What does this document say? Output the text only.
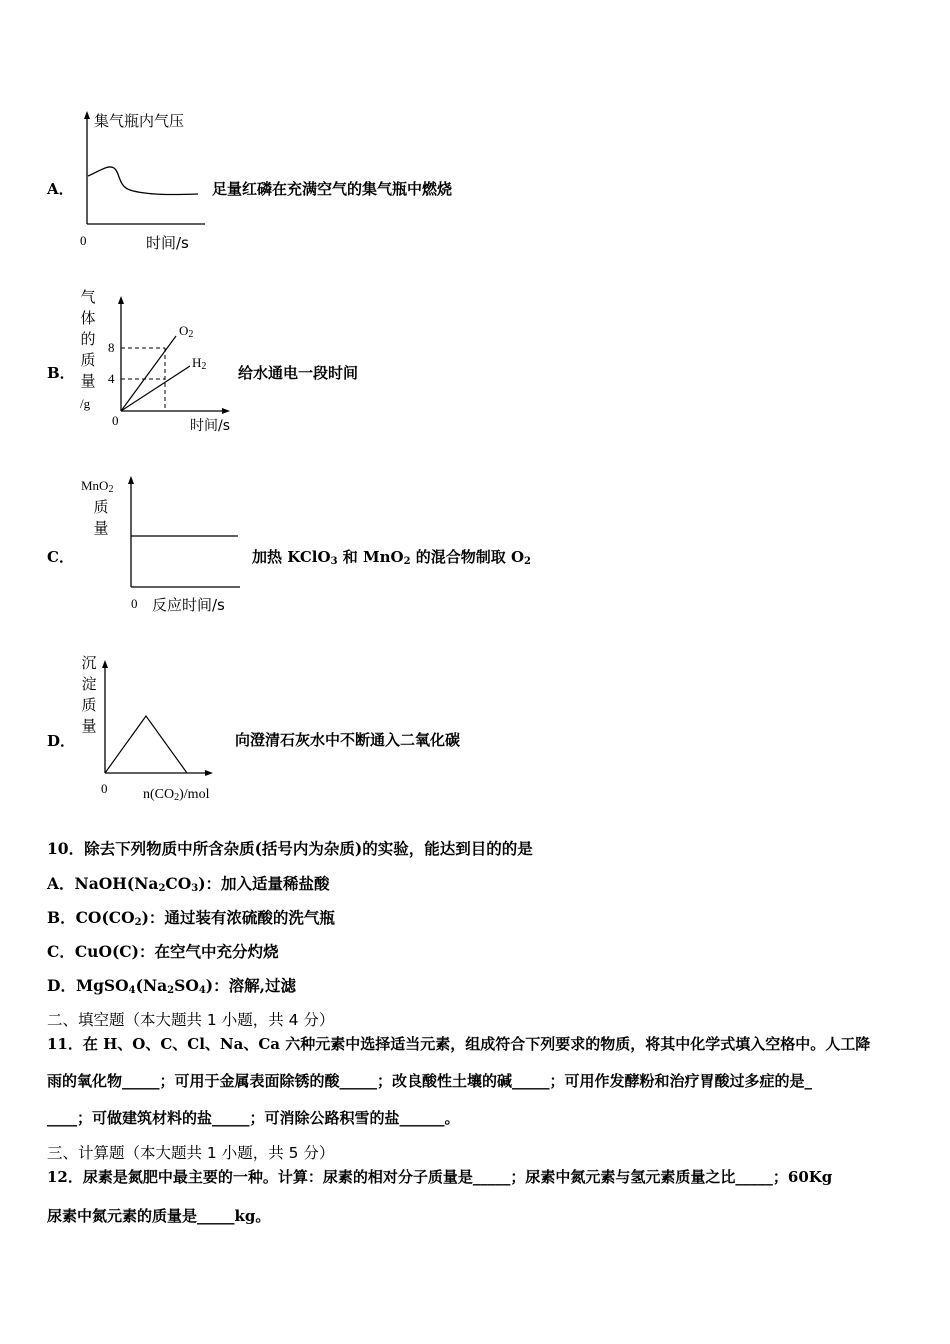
A．
集气瓶内气压
0	时间/s
足量红磷在充满空气的集气瓶中燃烧
B．
气
体
的
质
量
/g
8
4
0	时间/s
$O_2$
$H_2$ 给水通电一段时间
C．
MnO$_2$
质
量
0 反应时间/s
加热 KClO$_3$ 和 MnO$_2$ 的混合物制取 $O_2$
D．
沉
淀
质
量
0	$n(CO_2)$/mol
向澄清石灰水中不断通入二氧化碳
10．除去下列物质中所含杂质(括号内为杂质)的实验，能达到目的的是
A．$NaOH(Na_2CO_3)$：加入适量稀盐酸
B．$CO(CO_2)$：通过装有浓硫酸的洗气瓶
C．CuO(C)：在空气中充分灼烧
D．$MgSO_4(Na_2SO_4)$：溶解,过滤
二、填空题（本大题共 1 小题，共 4 分）
11．在 H、O、C、Cl、Na、Ca 六种元素中选择适当元素，组成符合下列要求的物质，将其中化学式填入空格中。人工降
雨的氧化物_____；可用于金属表面除锈的酸_____；改良酸性土壤的碱_____；可用作发酵粉和治疗胃酸过多症的是_
____；可做建筑材料的盐_____；可消除公路积雪的盐______。
三、计算题（本大题共 1 小题，共 5 分）
12．尿素是氮肥中最主要的一种。计算：尿素的相对分子质量是_____；尿素中氮元素与氢元素质量之比_____；60Kg
尿素中氮元素的质量是_____kg。
